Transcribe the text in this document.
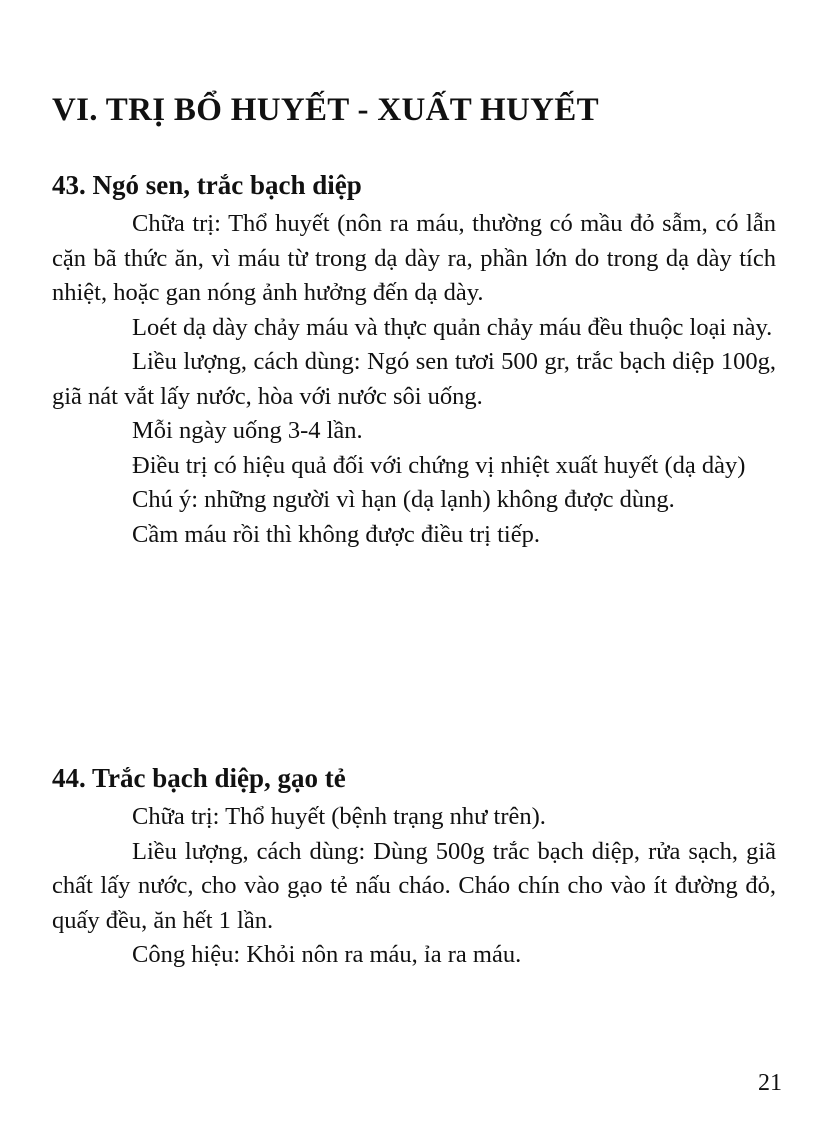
VI. TRỊ BỔ HUYẾT - XUẤT HUYẾT
43. Ngó sen, trắc bạch diệp

Chữa trị: Thổ huyết (nôn ra máu, thường có mầu đỏ sẫm, có lẫn cặn bã thức ăn, vì máu từ trong dạ dày ra, phần lớn do trong dạ dày tích nhiệt, hoặc gan nóng ảnh hưởng đến dạ dày.

Loét dạ dày chảy máu và thực quản chảy máu đều thuộc loại này.

Liều lượng, cách dùng: Ngó sen tươi 500 gr, trắc bạch diệp 100g, giã nát vắt lấy nước, hòa với nước sôi uống.

Mỗi ngày uống 3-4 lần.

Điều trị có hiệu quả đối với chứng vị nhiệt xuất huyết (dạ dày)

Chú ý: những người vì hạn (dạ lạnh) không được dùng.

Cầm máu rồi thì không được điều trị tiếp.

44. Trắc bạch diệp, gạo tẻ

Chữa trị: Thổ huyết (bệnh trạng như trên).

Liều lượng, cách dùng: Dùng 500g trắc bạch diệp, rửa sạch, giã chất lấy nước, cho vào gạo tẻ nấu cháo. Cháo chín cho vào ít đường đỏ, quấy đều, ăn hết 1 lần.

Công hiệu: Khỏi nôn ra máu, ỉa ra máu.

21
